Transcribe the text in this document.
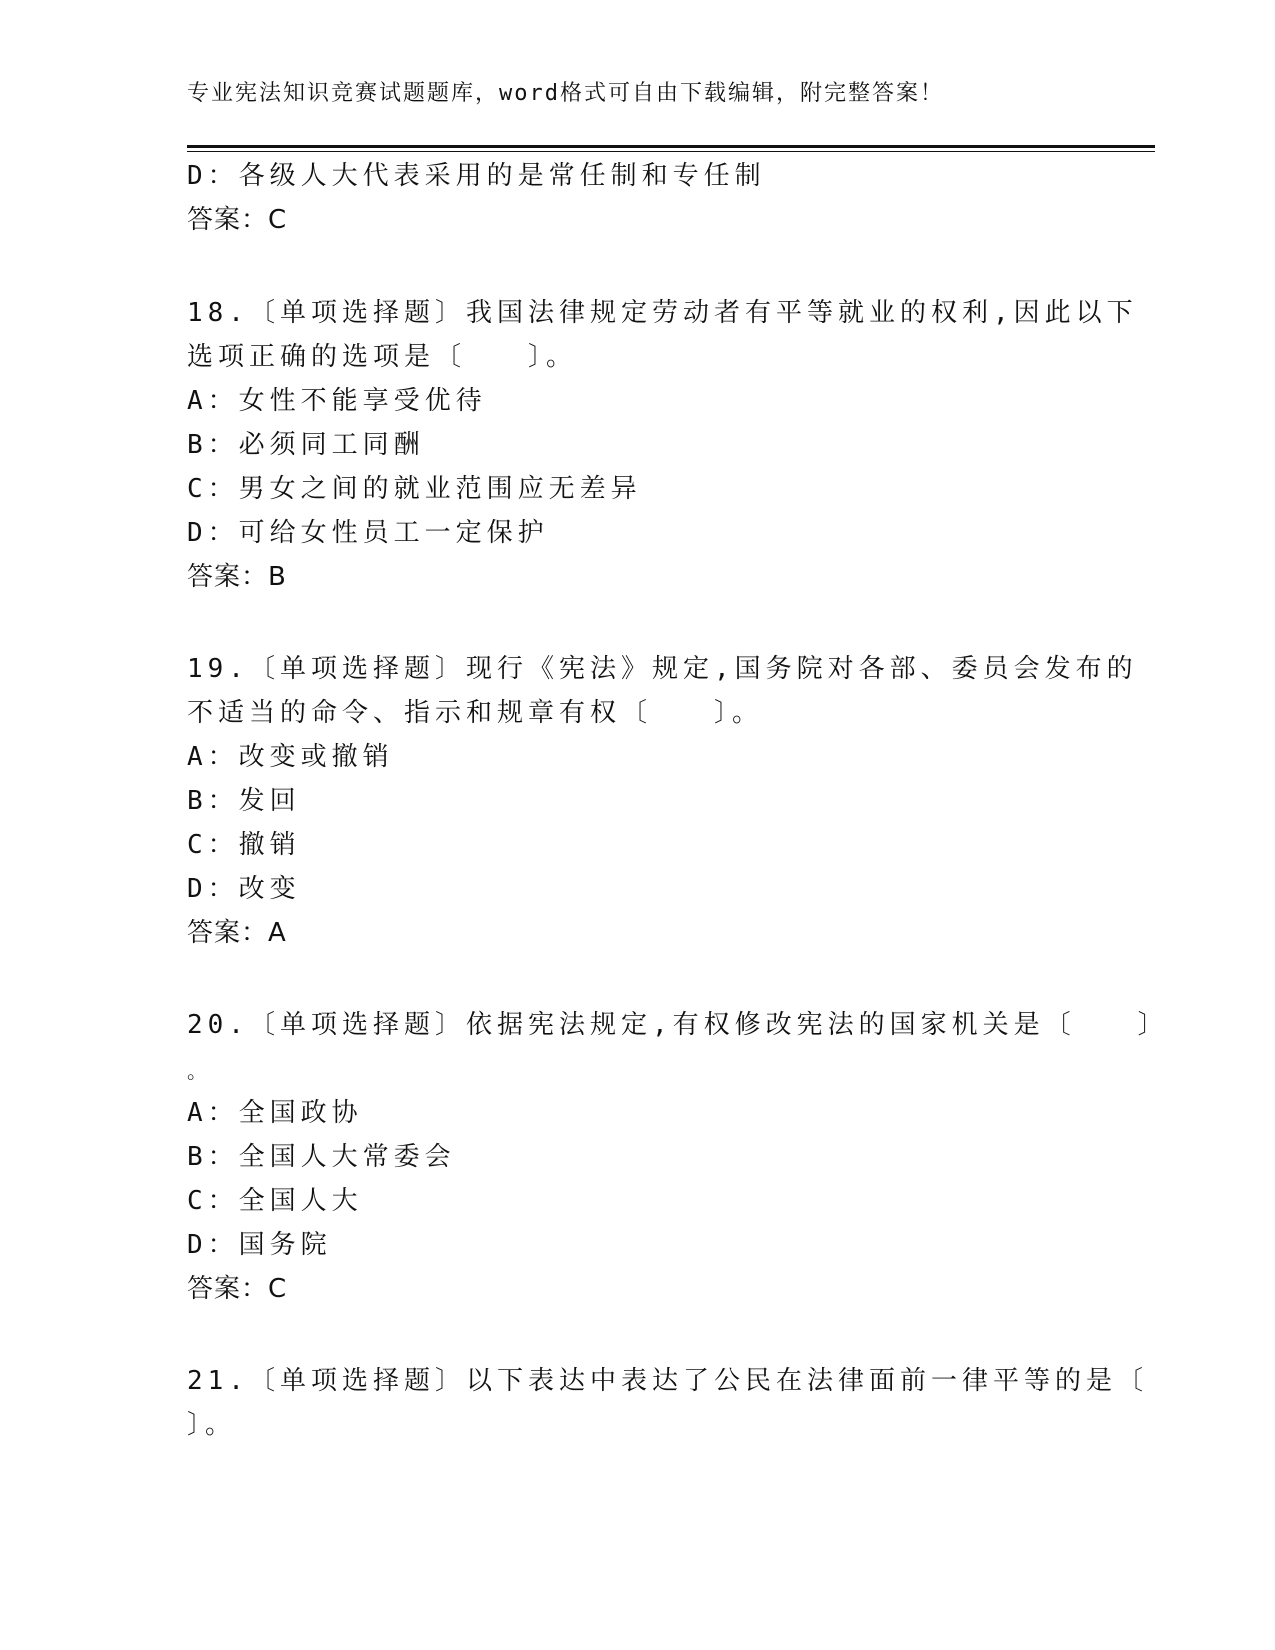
专业宪法知识竞赛试题题库，word格式可自由下载编辑，附完整答案！
D：各级人大代表采用的是常任制和专任制
答案：C
18.〔单项选择题〕我国法律规定劳动者有平等就业的权利,因此以下
选项正确的选项是〔　　〕。
A：女性不能享受优待
B：必须同工同酬
C：男女之间的就业范围应无差异
D：可给女性员工一定保护
答案：B
19.〔单项选择题〕现行《宪法》规定,国务院对各部、委员会发布的
不适当的命令、指示和规章有权〔　　〕。
A：改变或撤销
B：发回
C：撤销
D：改变
答案：A
20.〔单项选择题〕依据宪法规定,有权修改宪法的国家机关是〔　　〕
。
A：全国政协
B：全国人大常委会
C：全国人大
D：国务院
答案：C
21.〔单项选择题〕以下表达中表达了公民在法律面前一律平等的是〔
〕。
